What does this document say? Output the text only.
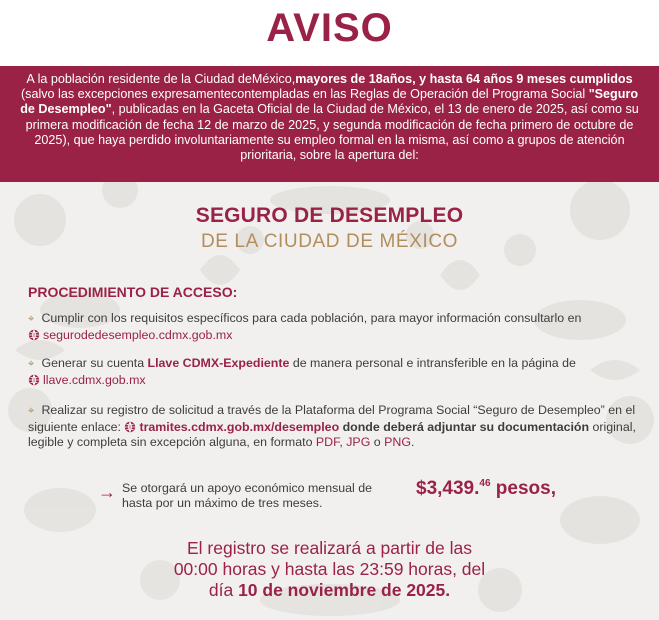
AVISO
A la población residente de la Ciudad deMéxico,mayores de 18años, y hasta 64 años 9 meses cumplidos (salvo las excepciones expresamentecontempladas en las Reglas de Operación del Programa Social "Seguro de Desempleo", publicadas en la Gaceta Oficial de la Ciudad de México, el 13 de enero de 2025, así como su primera modificación de fecha 12 de marzo de 2025, y segunda modificación de fecha primero de octubre de 2025), que haya perdido involuntariamente su empleo formal en la misma, así como a grupos de atención prioritaria, sobre la apertura del:
SEGURO DE DESEMPLEO
DE LA CIUDAD DE MÉXICO
PROCEDIMIENTO DE ACCESO:
⌖ Cumplir con los requisitos específicos para cada población, para mayor información consultarlo en
segurodedesempleo.cdmx.gob.mx
⌖ Generar su cuenta Llave CDMX-Expediente de manera personal e intransferible en la página de
llave.cdmx.gob.mx
⌖ Realizar su registro de solicitud a través de la Plataforma del Programa Social “Seguro de Desempleo” en el siguiente enlace: tramites.cdmx.gob.mx/desempleo donde deberá adjuntar su documentación original, legible y completa sin excepción alguna, en formato PDF, JPG o PNG.
→ Se otorgará un apoyo económico mensual de hasta por un máximo de tres meses.
$3,439.46 pesos,
El registro se realizará a partir de las
00:00 horas y hasta las 23:59 horas, del
día 10 de noviembre de 2025.
